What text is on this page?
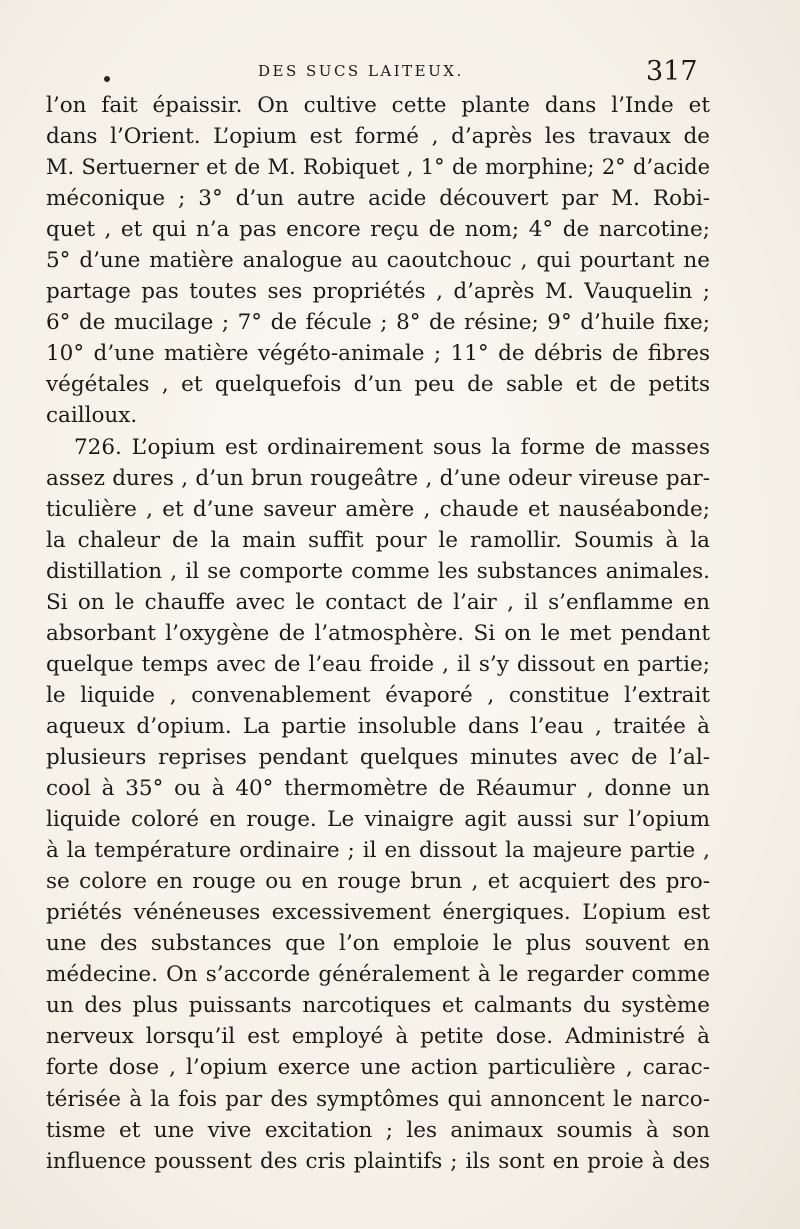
DES SUCS LAITEUX.	317
l’on fait épaissir. On cultive cette plante dans l’Inde et
dans l’Orient. L’opium est formé , d’après les travaux de
M. Sertuerner et de M. Robiquet , 1° de morphine; 2° d’acide
méconique ; 3° d’un autre acide découvert par M. Robi-
quet , et qui n’a pas encore reçu de nom; 4° de narcotine;
5° d’une matière analogue au caoutchouc , qui pourtant ne
partage pas toutes ses propriétés , d’après M. Vauquelin ;
6° de mucilage ; 7° de fécule ; 8° de résine; 9° d’huile fixe;
10° d’une matière végéto-animale ; 11° de débris de fibres
végétales , et quelquefois d’un peu de sable et de petits
cailloux.
726. L’opium est ordinairement sous la forme de masses
assez dures , d’un brun rougeâtre , d’une odeur vireuse par-
ticulière , et d’une saveur amère , chaude et nauséabonde;
la chaleur de la main suffit pour le ramollir. Soumis à la
distillation , il se comporte comme les substances animales.
Si on le chauffe avec le contact de l’air , il s’enflamme en
absorbant l’oxygène de l’atmosphère. Si on le met pendant
quelque temps avec de l’eau froide , il s’y dissout en partie;
le liquide , convenablement évaporé , constitue l’extrait
aqueux d’opium. La partie insoluble dans l’eau , traitée à
plusieurs reprises pendant quelques minutes avec de l’al-
cool à 35° ou à 40° thermomètre de Réaumur , donne un
liquide coloré en rouge. Le vinaigre agit aussi sur l’opium
à la température ordinaire ; il en dissout la majeure partie ,
se colore en rouge ou en rouge brun , et acquiert des pro-
priétés vénéneuses excessivement énergiques. L’opium est
une des substances que l’on emploie le plus souvent en
médecine. On s’accorde généralement à le regarder comme
un des plus puissants narcotiques et calmants du système
nerveux lorsqu’il est employé à petite dose. Administré à
forte dose , l’opium exerce une action particulière , carac-
térisée à la fois par des symptômes qui annoncent le narco-
tisme et une vive excitation ; les animaux soumis à son
influence poussent des cris plaintifs ; ils sont en proie à des
